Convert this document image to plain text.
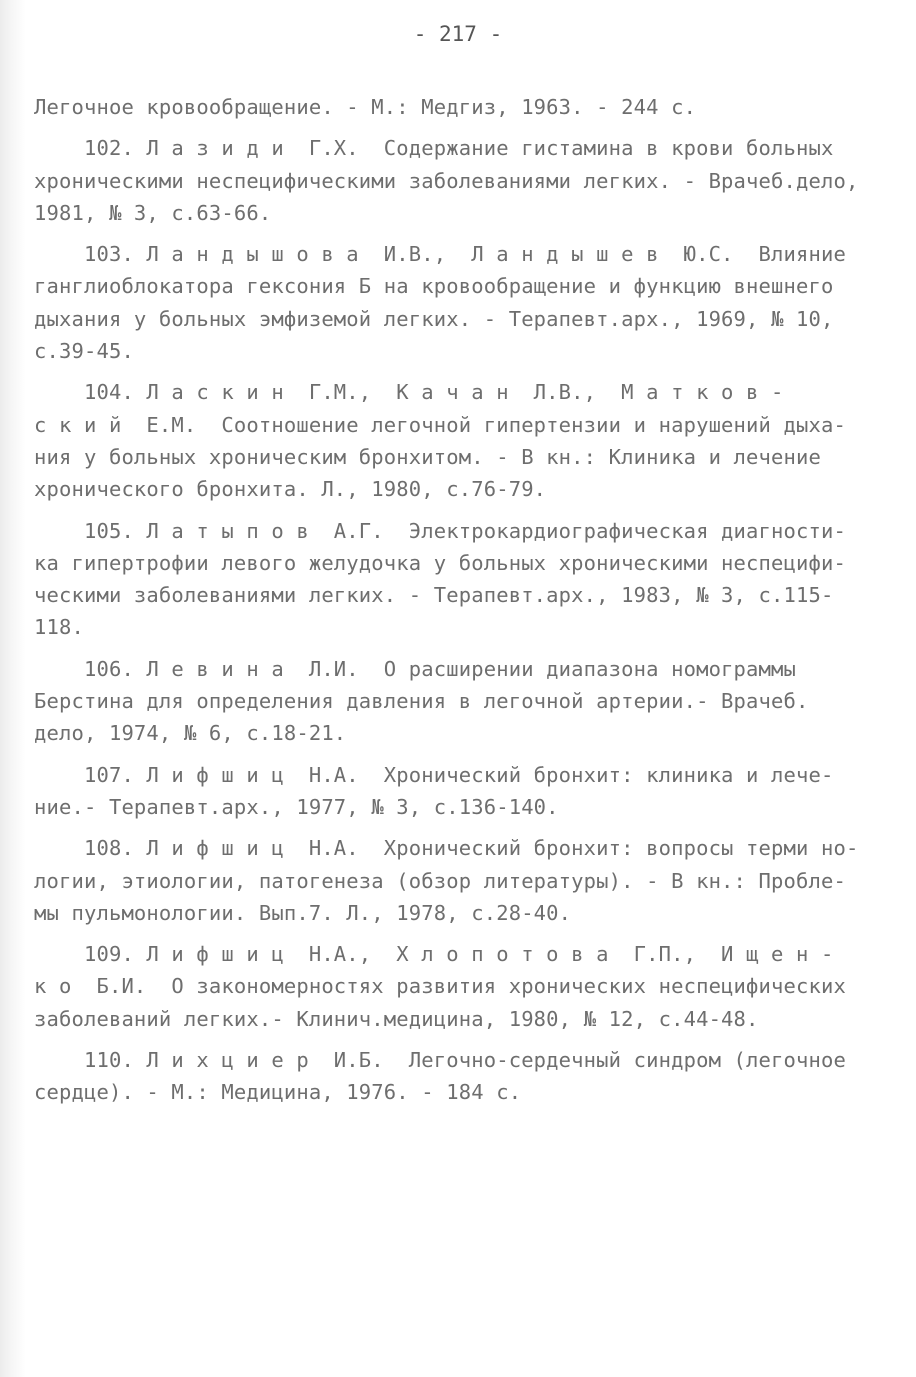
- 217 -
Легочное кровообращение. - М.: Медгиз, 1963. - 244 с.
102. Л а з и д и  Г.Х.  Содержание гистамина в крови больных
хроническими неспецифическими заболеваниями легких. - Врачеб.дело,
1981, № 3, с.63-66.
103. Л а н д ы ш о в а  И.В.,  Л а н д ы ш е в  Ю.С.  Влияние
ганглиоблокатора гексония Б на кровообращение и функцию внешнего
дыхания у больных эмфиземой легких. - Терапевт.арх., 1969, № 10,
с.39-45.
104. Л а с к и н  Г.М.,  К а ч а н  Л.В.,  М а т к о в -
с к и й  Е.М.  Соотношение легочной гипертензии и нарушений дыха-
ния у больных хроническим бронхитом. - В кн.: Клиника и лечение
хронического бронхита. Л., 1980, с.76-79.
105. Л а т ы п о в  А.Г.  Электрокардиографическая диагности-
ка гипертрофии левого желудочка у больных хроническими неспецифи-
ческими заболеваниями легких. - Терапевт.арх., 1983, № 3, с.115-
118.
106. Л е в и н а  Л.И.  О расширении диапазона номограммы
Берстина для определения давления в легочной артерии.- Врачеб.
дело, 1974, № 6, с.18-21.
107. Л и ф ш и ц  Н.А.  Хронический бронхит: клиника и лече-
ние.- Терапевт.арх., 1977, № 3, с.136-140.
108. Л и ф ш и ц  Н.А.  Хронический бронхит: вопросы терми но-
логии, этиологии, патогенеза (обзор литературы). - В кн.: Пробле-
мы пульмонологии. Вып.7. Л., 1978, с.28-40.
109. Л и ф ш и ц  Н.А.,  Х л о п о т о в а  Г.П.,  И щ е н -
к о  Б.И.  О закономерностях развития хронических неспецифических
заболеваний легких.- Клинич.медицина, 1980, № 12, с.44-48.
110. Л и х ц и е р  И.Б.  Легочно-сердечный синдром (легочное
сердце). - М.: Медицина, 1976. - 184 с.
